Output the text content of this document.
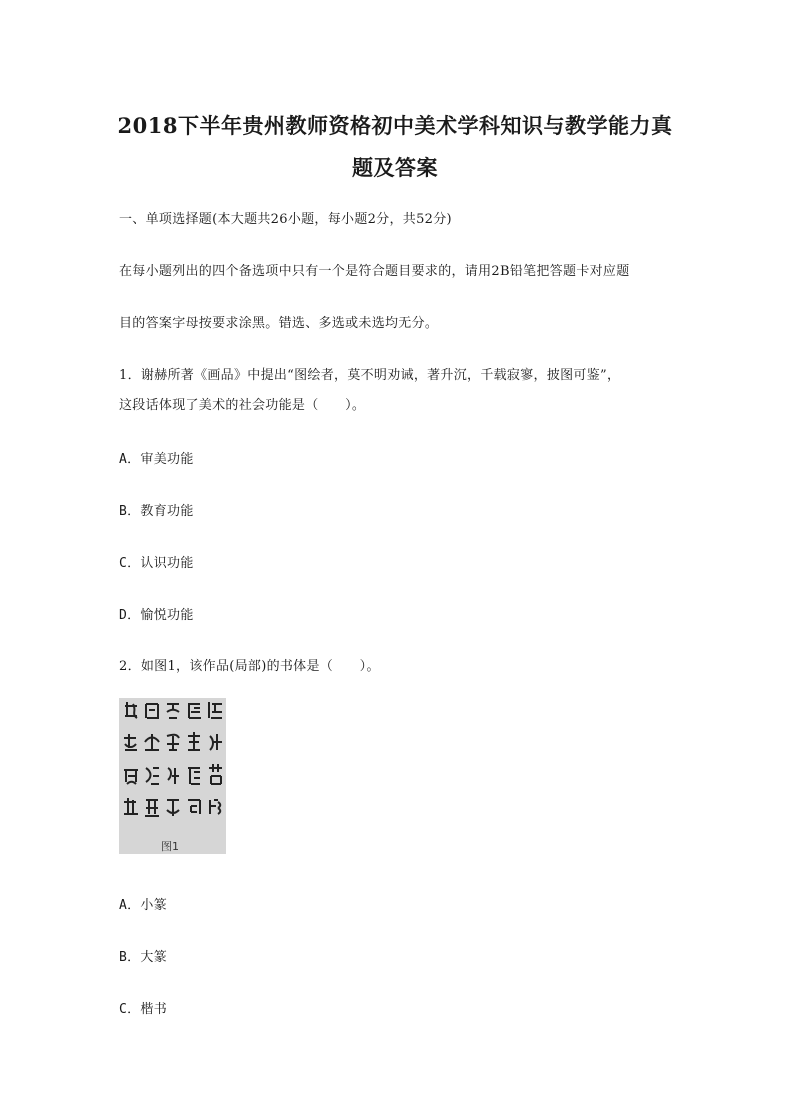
2018下半年贵州教师资格初中美术学科知识与教学能力真
题及答案
一、单项选择题(本大题共26小题，每小题2分，共52分)
在每小题列出的四个备选项中只有一个是符合题目要求的，请用2B铅笔把答题卡对应题
目的答案字母按要求涂黑。错选、多选或未选均无分。
1．谢赫所著《画品》中提出“图绘者，莫不明劝诫，著升沉，千载寂寥，披图可鉴”，
这段话体现了美术的社会功能是（　　）。
A．审美功能
B．教育功能
C．认识功能
D．愉悦功能
2．如图1，该作品(局部)的书体是（　　）。
图1
A．小篆
B．大篆
C．楷书
